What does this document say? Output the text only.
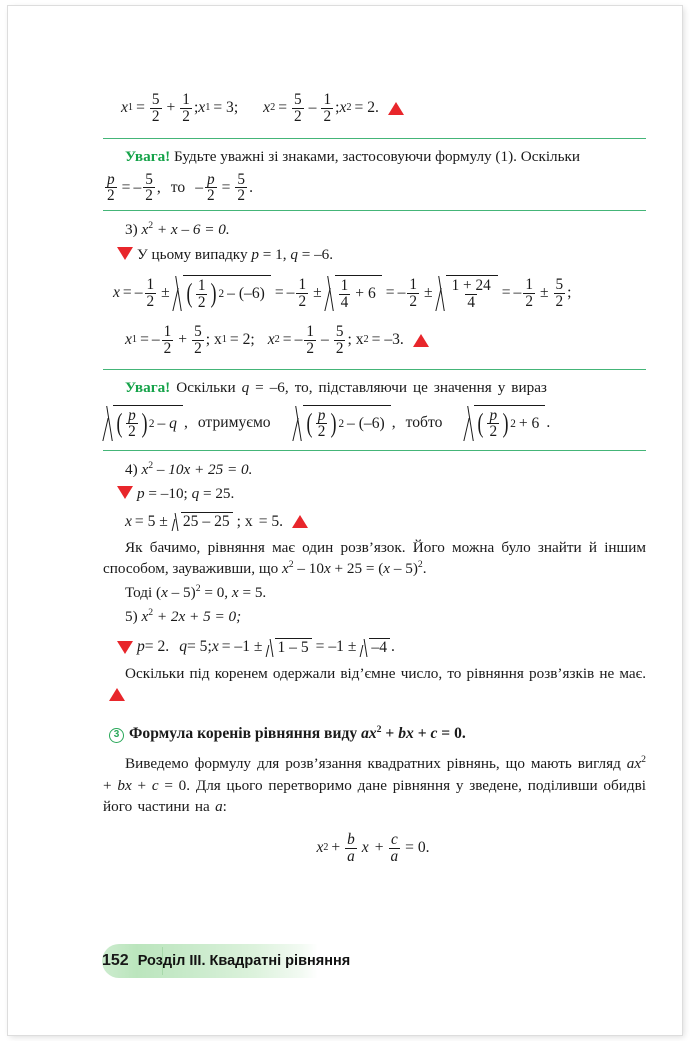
x $1 = \frac{5}{2} + \frac{1}{2}$ ; x 1 = 3; x $2 = \frac{5}{2} - \frac{1}{2}$ ; x 2 = 2.

Увага! Будьте уважні зі знаками, застосовуючи формулу (1). Оскільки

$\frac{p}{2}$ = – $\frac{5}{2}$ , то – $\frac{p}{2} = \frac{5}{2}$ .
3) $x^2 + x - 6 = 0$.
У цьому випадку p = 1, q = –6.
x = – $\frac{1}{2}$ ± ( $\frac{1}{2}$ ) 2 – (–6) = – $\frac{1}{2} \pm \frac{1}{4} + 6$ = – $\frac{1}{2} \pm \frac{1 + 24}{4}$ = – $\frac{1}{2} \pm \frac{5}{2}$ ;
x 1 = – $\frac{1}{2} + \frac{5}{2}$ ; x 1 = 2; x 2 = – $\frac{1}{2} - \frac{5}{2}$ ; x 2 = –3.

Увага! Оскільки q = –6, то, підставляючи це значення у вираз

( $\frac{p}{2}$ ) 2 – q , отримуємо ( $\frac{p}{2}$ ) 2 – (–6) , тобто ( $\frac{p}{2}$ ) 2 + 6 .
4) $x^2 - 10x + 25 = 0$.
p = –10; q = 25.
x = 5 ± 25 – 25 ; x = 5.

Як бачимо, рівняння має один розв’язок. Його можна було знайти й іншим способом, зауваживши, що $x^2 - 10x + 25 = (x - 5)^2$.

Тоді (x – 5)$^2$ = 0, x = 5.
5) $x^2 + 2x + 5 = 0$;
p = 2. q = 5; x = –1 ± 1 – 5 = –1 ± –4 .

Оскільки під коренем одержали від’ємне число, то рівняння розв’язків не має.

3 Формула коренів рівняння виду $ax^2$ + bx + c = 0.

Виведемо формулу для розв’язання квадратних рівнянь, що мають вигляд $ax^2$ + bx + c = 0. Для цього перетворимо дане рівняння у зведене, поділивши обидві його частини на a:

x $2 + \frac{b}{a}$ $x + \frac{c}{a} = 0$.
152 Розділ III. Квадратні рівняння
